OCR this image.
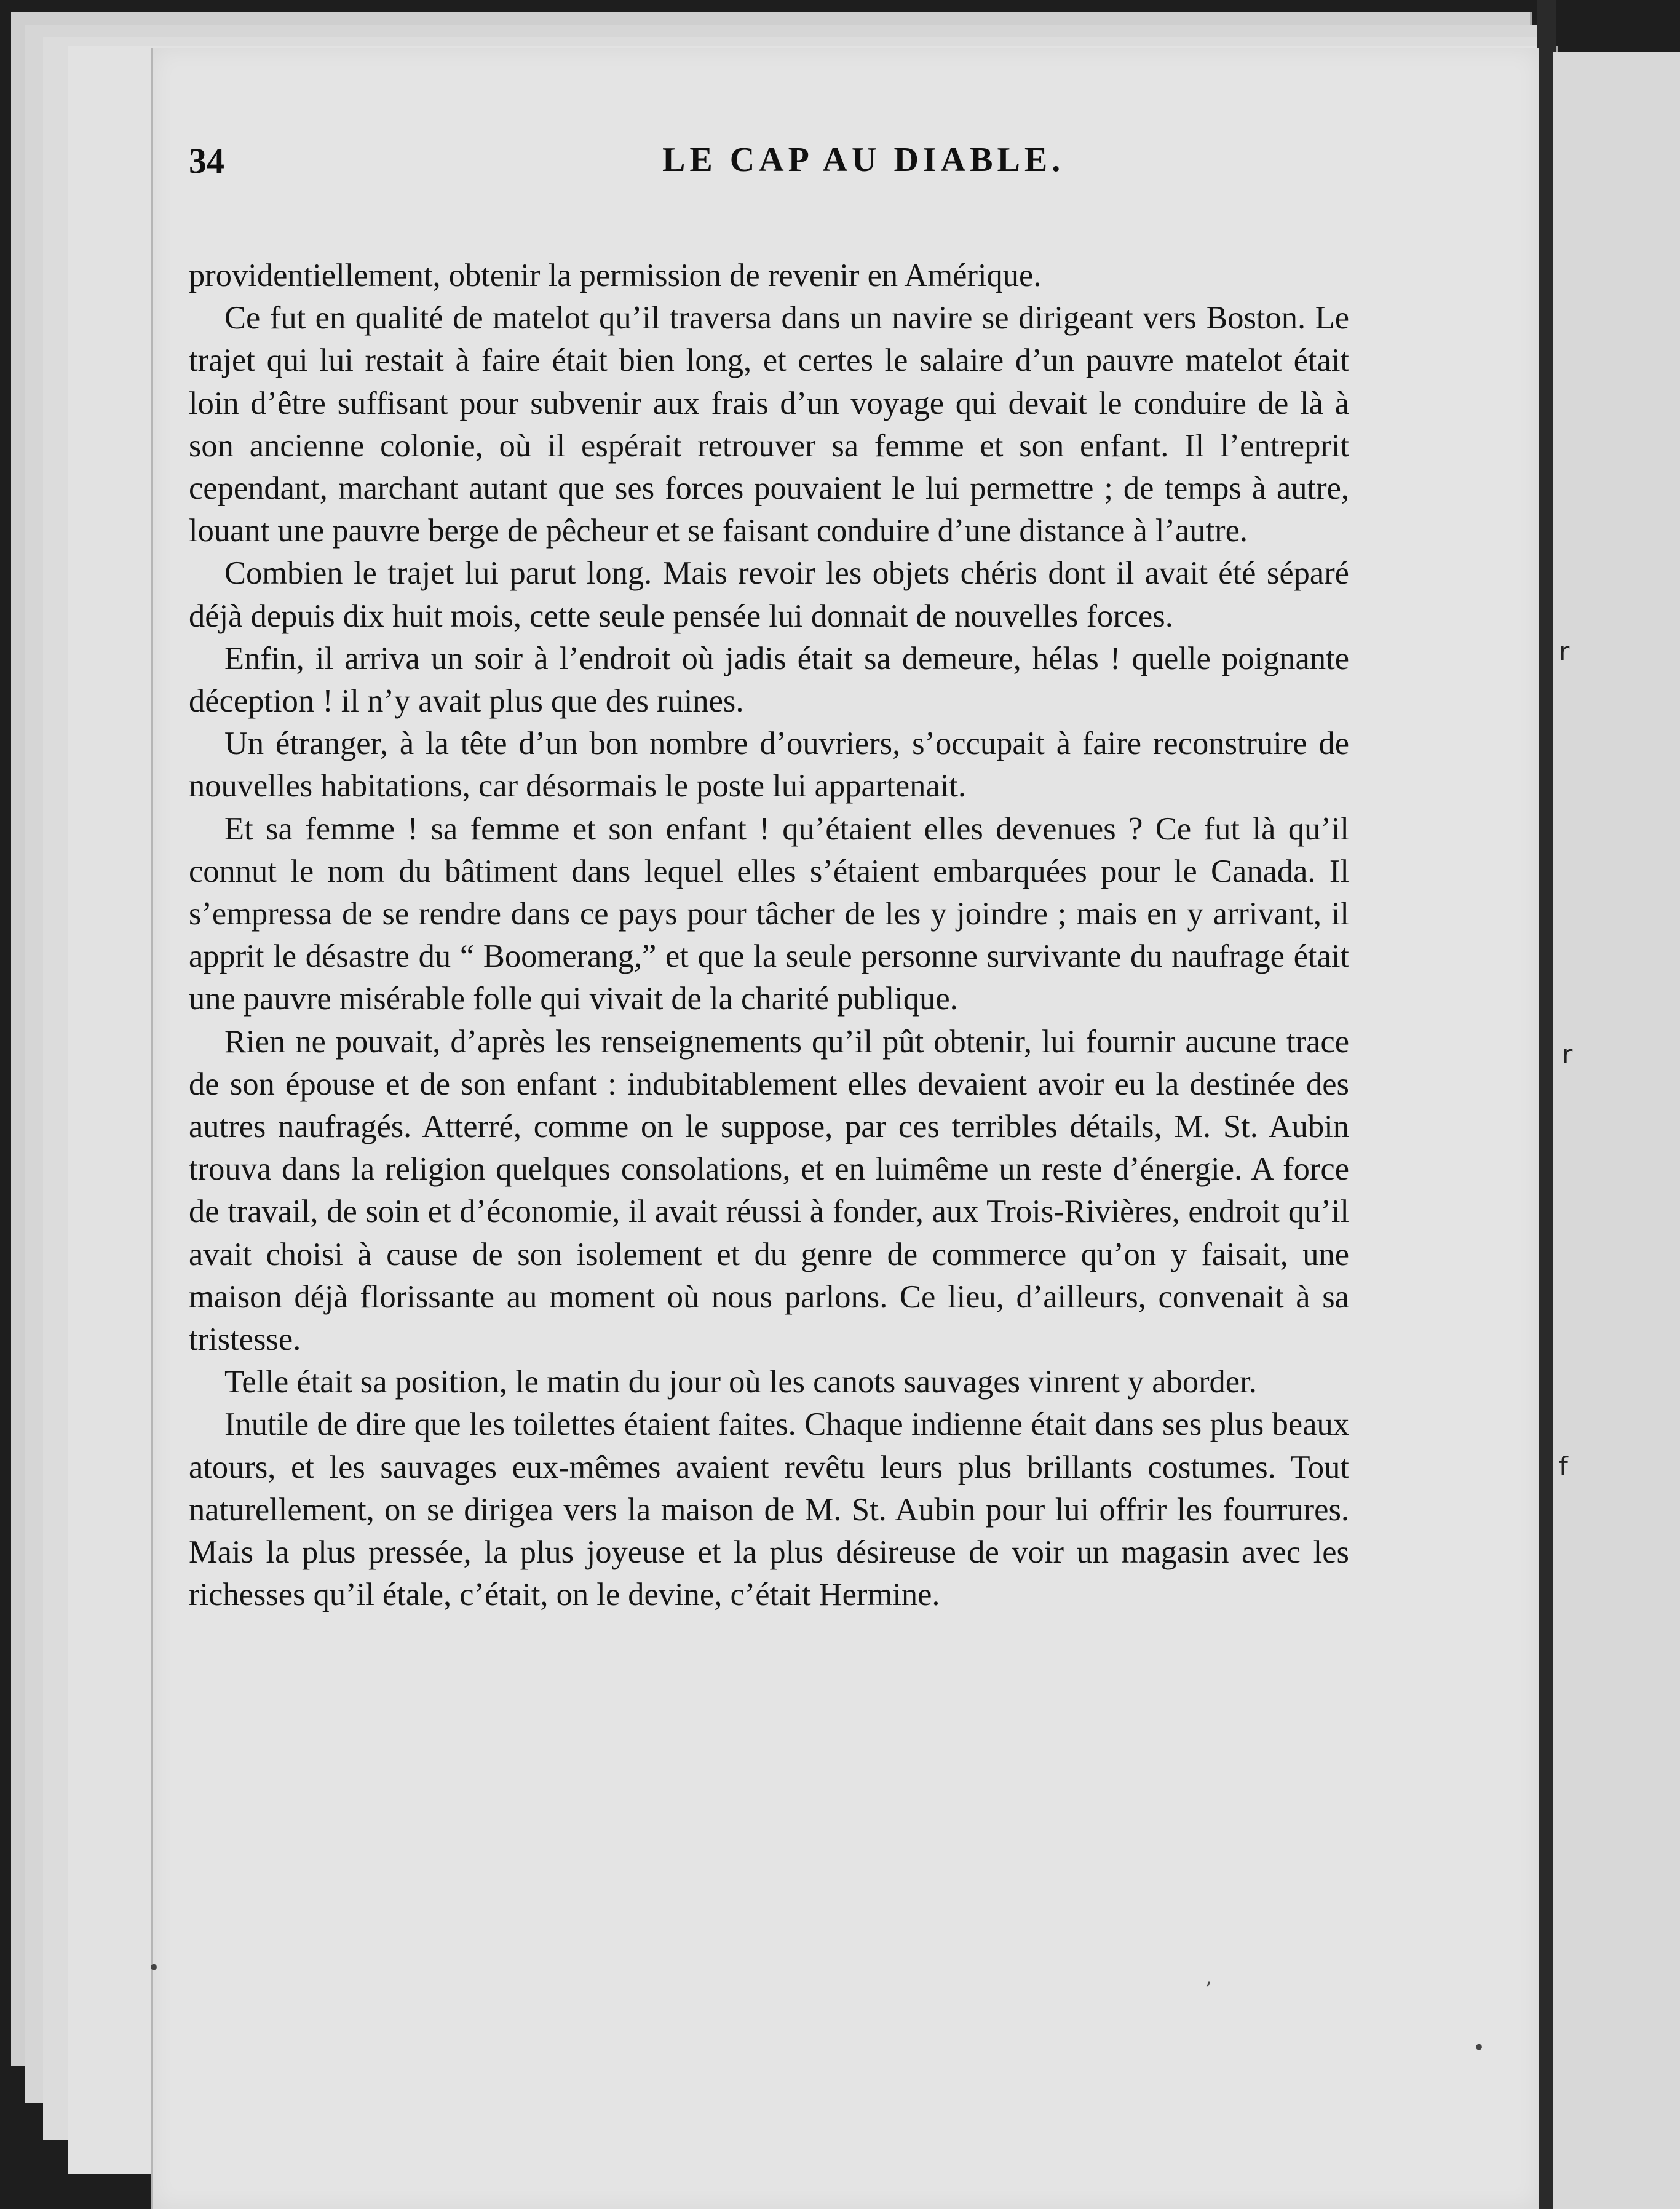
r
r
f
34	LE CAP AU DIABLE.

providentiellement, obtenir la permission de revenir en Amérique.

Ce fut en qualité de matelot qu’il traversa dans un navire se dirigeant vers Boston. Le trajet qui lui restait à faire était bien long, et certes le salaire d’un pauvre matelot était loin d’être suffisant pour subvenir aux frais d’un voyage qui devait le conduire de là à son ancienne colonie, où il espérait retrouver sa femme et son enfant. Il l’entreprit cependant, marchant autant que ses forces pouvaient le lui permettre ; de temps à autre, louant une pauvre berge de pêcheur et se faisant conduire d’une distance à l’autre.

Combien le trajet lui parut long. Mais revoir les objets chéris dont il avait été séparé déjà depuis dix huit mois, cette seule pensée lui donnait de nouvelles forces.

Enfin, il arriva un soir à l’endroit où jadis était sa demeure, hélas ! quelle poignante déception ! il n’y avait plus que des ruines.

Un étranger, à la tête d’un bon nombre d’ouvriers, s’occupait à faire reconstruire de nouvelles habitations, car désormais le poste lui appartenait.

Et sa femme ! sa femme et son enfant ! qu’étaient elles devenues ? Ce fut là qu’il connut le nom du bâtiment dans lequel elles s’étaient embarquées pour le Canada. Il s’empressa de se rendre dans ce pays pour tâcher de les y joindre ; mais en y arrivant, il apprit le désastre du “ Boomerang,” et que la seule personne survivante du naufrage était une pauvre misérable folle qui vivait de la charité publique.

Rien ne pouvait, d’après les renseignements qu’il pût obtenir, lui fournir aucune trace de son épouse et de son enfant : indubitablement elles devaient avoir eu la destinée des autres naufragés. Atterré, comme on le suppose, par ces terribles détails, M. St. Aubin trouva dans la religion quelques consolations, et en luimême un reste d’énergie. A force de travail, de soin et d’économie, il avait réussi à fonder, aux Trois-Rivières, endroit qu’il avait choisi à cause de son isolement et du genre de commerce qu’on y faisait, une maison déjà florissante au moment où nous parlons. Ce lieu, d’ailleurs, convenait à sa tristesse.

Telle était sa position, le matin du jour où les canots sauvages vinrent y aborder.

Inutile de dire que les toilettes étaient faites. Chaque indienne était dans ses plus beaux atours, et les sauvages eux-mêmes avaient revêtu leurs plus brillants costumes. Tout naturellement, on se dirigea vers la maison de M. St. Aubin pour lui offrir les fourrures. Mais la plus pressée, la plus joyeuse et la plus désireuse de voir un magasin avec les richesses qu’il étale, c’était, on le devine, c’était Hermine.

•	,
•
